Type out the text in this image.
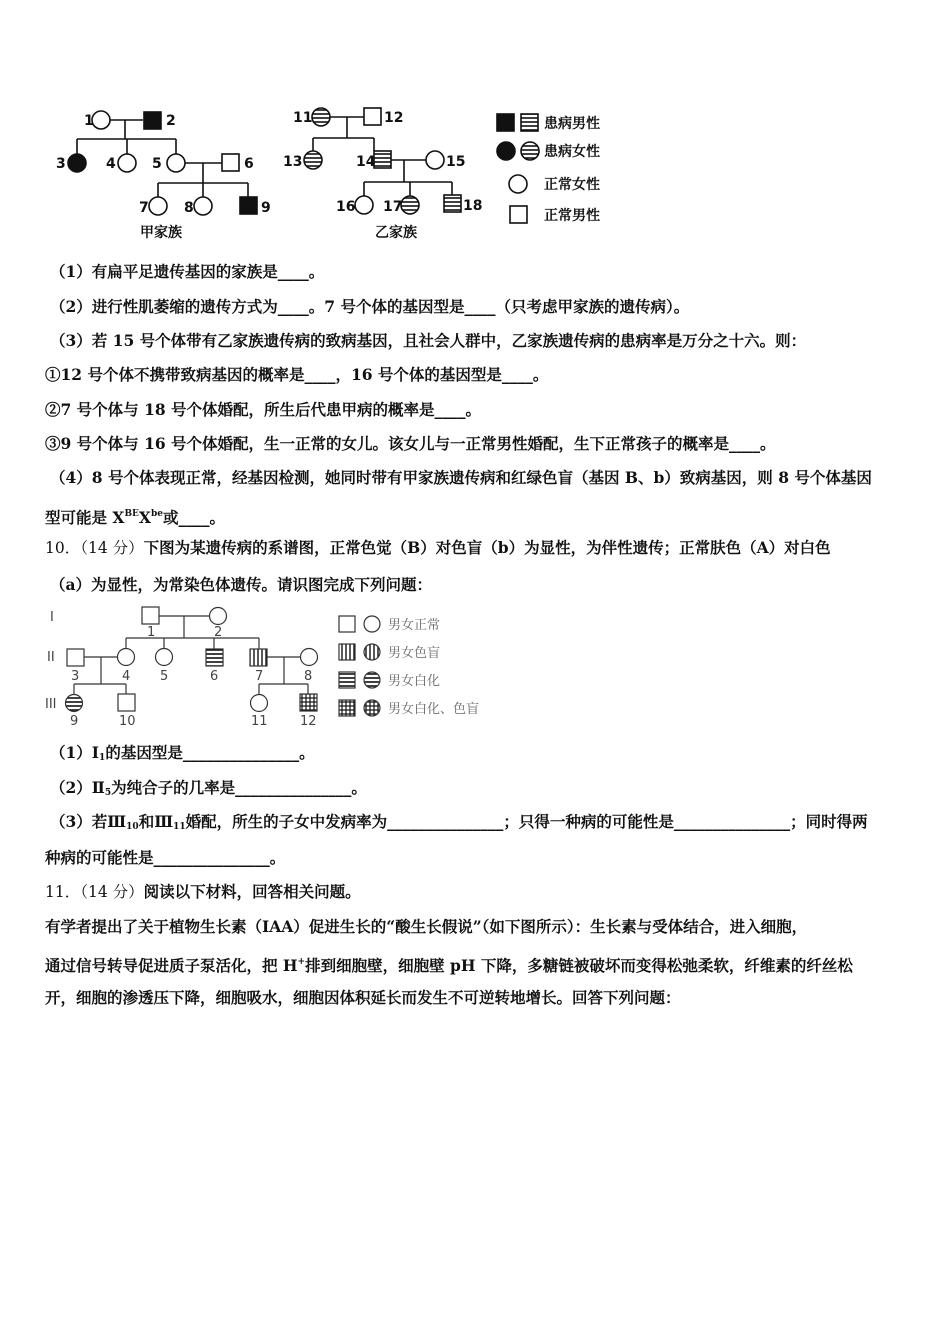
1	2
3	4	5	6
7	8	9
11	12
13	14	15
16 17	18
甲家族	乙家族
患病男性
患病女性
正常女性
正常男性
（1）有扁平足遗传基因的家族是____。
（2）进行性肌萎缩的遗传方式为____。7 号个体的基因型是____（只考虑甲家族的遗传病）。
（3）若 15 号个体带有乙家族遗传病的致病基因，且社会人群中，乙家族遗传病的患病率是万分之十六。则：
①12 号个体不携带致病基因的概率是____，16 号个体的基因型是____。
②7 号个体与 18 号个体婚配，所生后代患甲病的概率是____。
③9 号个体与 16 号个体婚配，生一正常的女儿。该女儿与一正常男性婚配，生下正常孩子的概率是____。
（4）8 号个体表现正常，经基因检测，她同时带有甲家族遗传病和红绿色盲（基因 B、b）致病基因，则 8 号个体基因
型可能是 $X^{BE}X^{be}$或____。
10．（14 分）下图为某遗传病的系谱图，正常色觉（B）对色盲（b）为显性，为伴性遗传；正常肤色（A）对白色
（a）为显性，为常染色体遗传。请识图完成下列问题：
I
II
III
1	2
3	4 5	6	7	8
9	10	11 12
男女正常
男女色盲
男女白化
男女白化、色盲
$(1)Ⅰ_1$的基因型是_______________。
$(2)Ⅱ_5$为纯合子的几率是_______________。
（3）若$Ⅲ_{10}$和$Ⅲ_{11}$婚配，所生的子女中发病率为_______________；只得一种病的可能性是_______________；同时得两
种病的可能性是_______________。
11．（14 分）阅读以下材料，回答相关问题。
有学者提出了关于植物生长素（IAA）促进生长的“酸生长假说”（如下图所示）：生长素与受体结合，进入细胞，
通过信号转导促进质子泵活化，把 H+排到细胞壁，细胞壁 pH 下降，多糖链被破坏而变得松弛柔软，纤维素的纤丝松
开，细胞的渗透压下降，细胞吸水，细胞因体积延长而发生不可逆转地增长。回答下列问题：
